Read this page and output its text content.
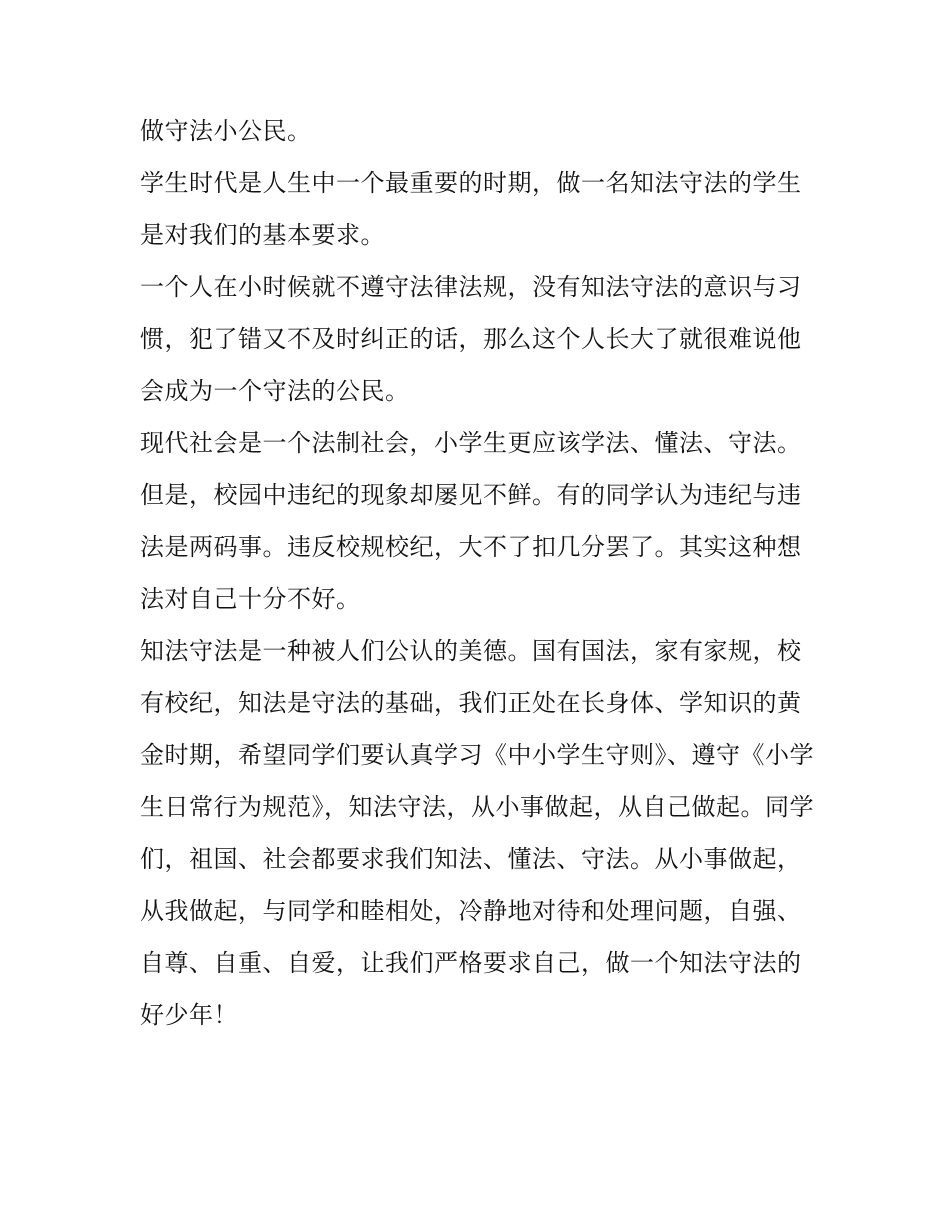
做守法小公民。

学生时代是人生中一个最重要的时期，做一名知法守法的学生是对我们的基本要求。

一个人在小时候就不遵守法律法规，没有知法守法的意识与习惯，犯了错又不及时纠正的话，那么这个人长大了就很难说他会成为一个守法的公民。

现代社会是一个法制社会，小学生更应该学法、懂法、守法。但是，校园中违纪的现象却屡见不鲜。有的同学认为违纪与违法是两码事。违反校规校纪，大不了扣几分罢了。其实这种想法对自己十分不好。

知法守法是一种被人们公认的美德。国有国法，家有家规，校有校纪，知法是守法的基础，我们正处在长身体、学知识的黄金时期，希望同学们要认真学习《中小学生守则》、遵守《小学生日常行为规范》，知法守法，从小事做起，从自己做起。同学们，祖国、社会都要求我们知法、懂法、守法。从小事做起，从我做起，与同学和睦相处，冷静地对待和处理问题，自强、自尊、自重、自爱，让我们严格要求自己，做一个知法守法的好少年！
